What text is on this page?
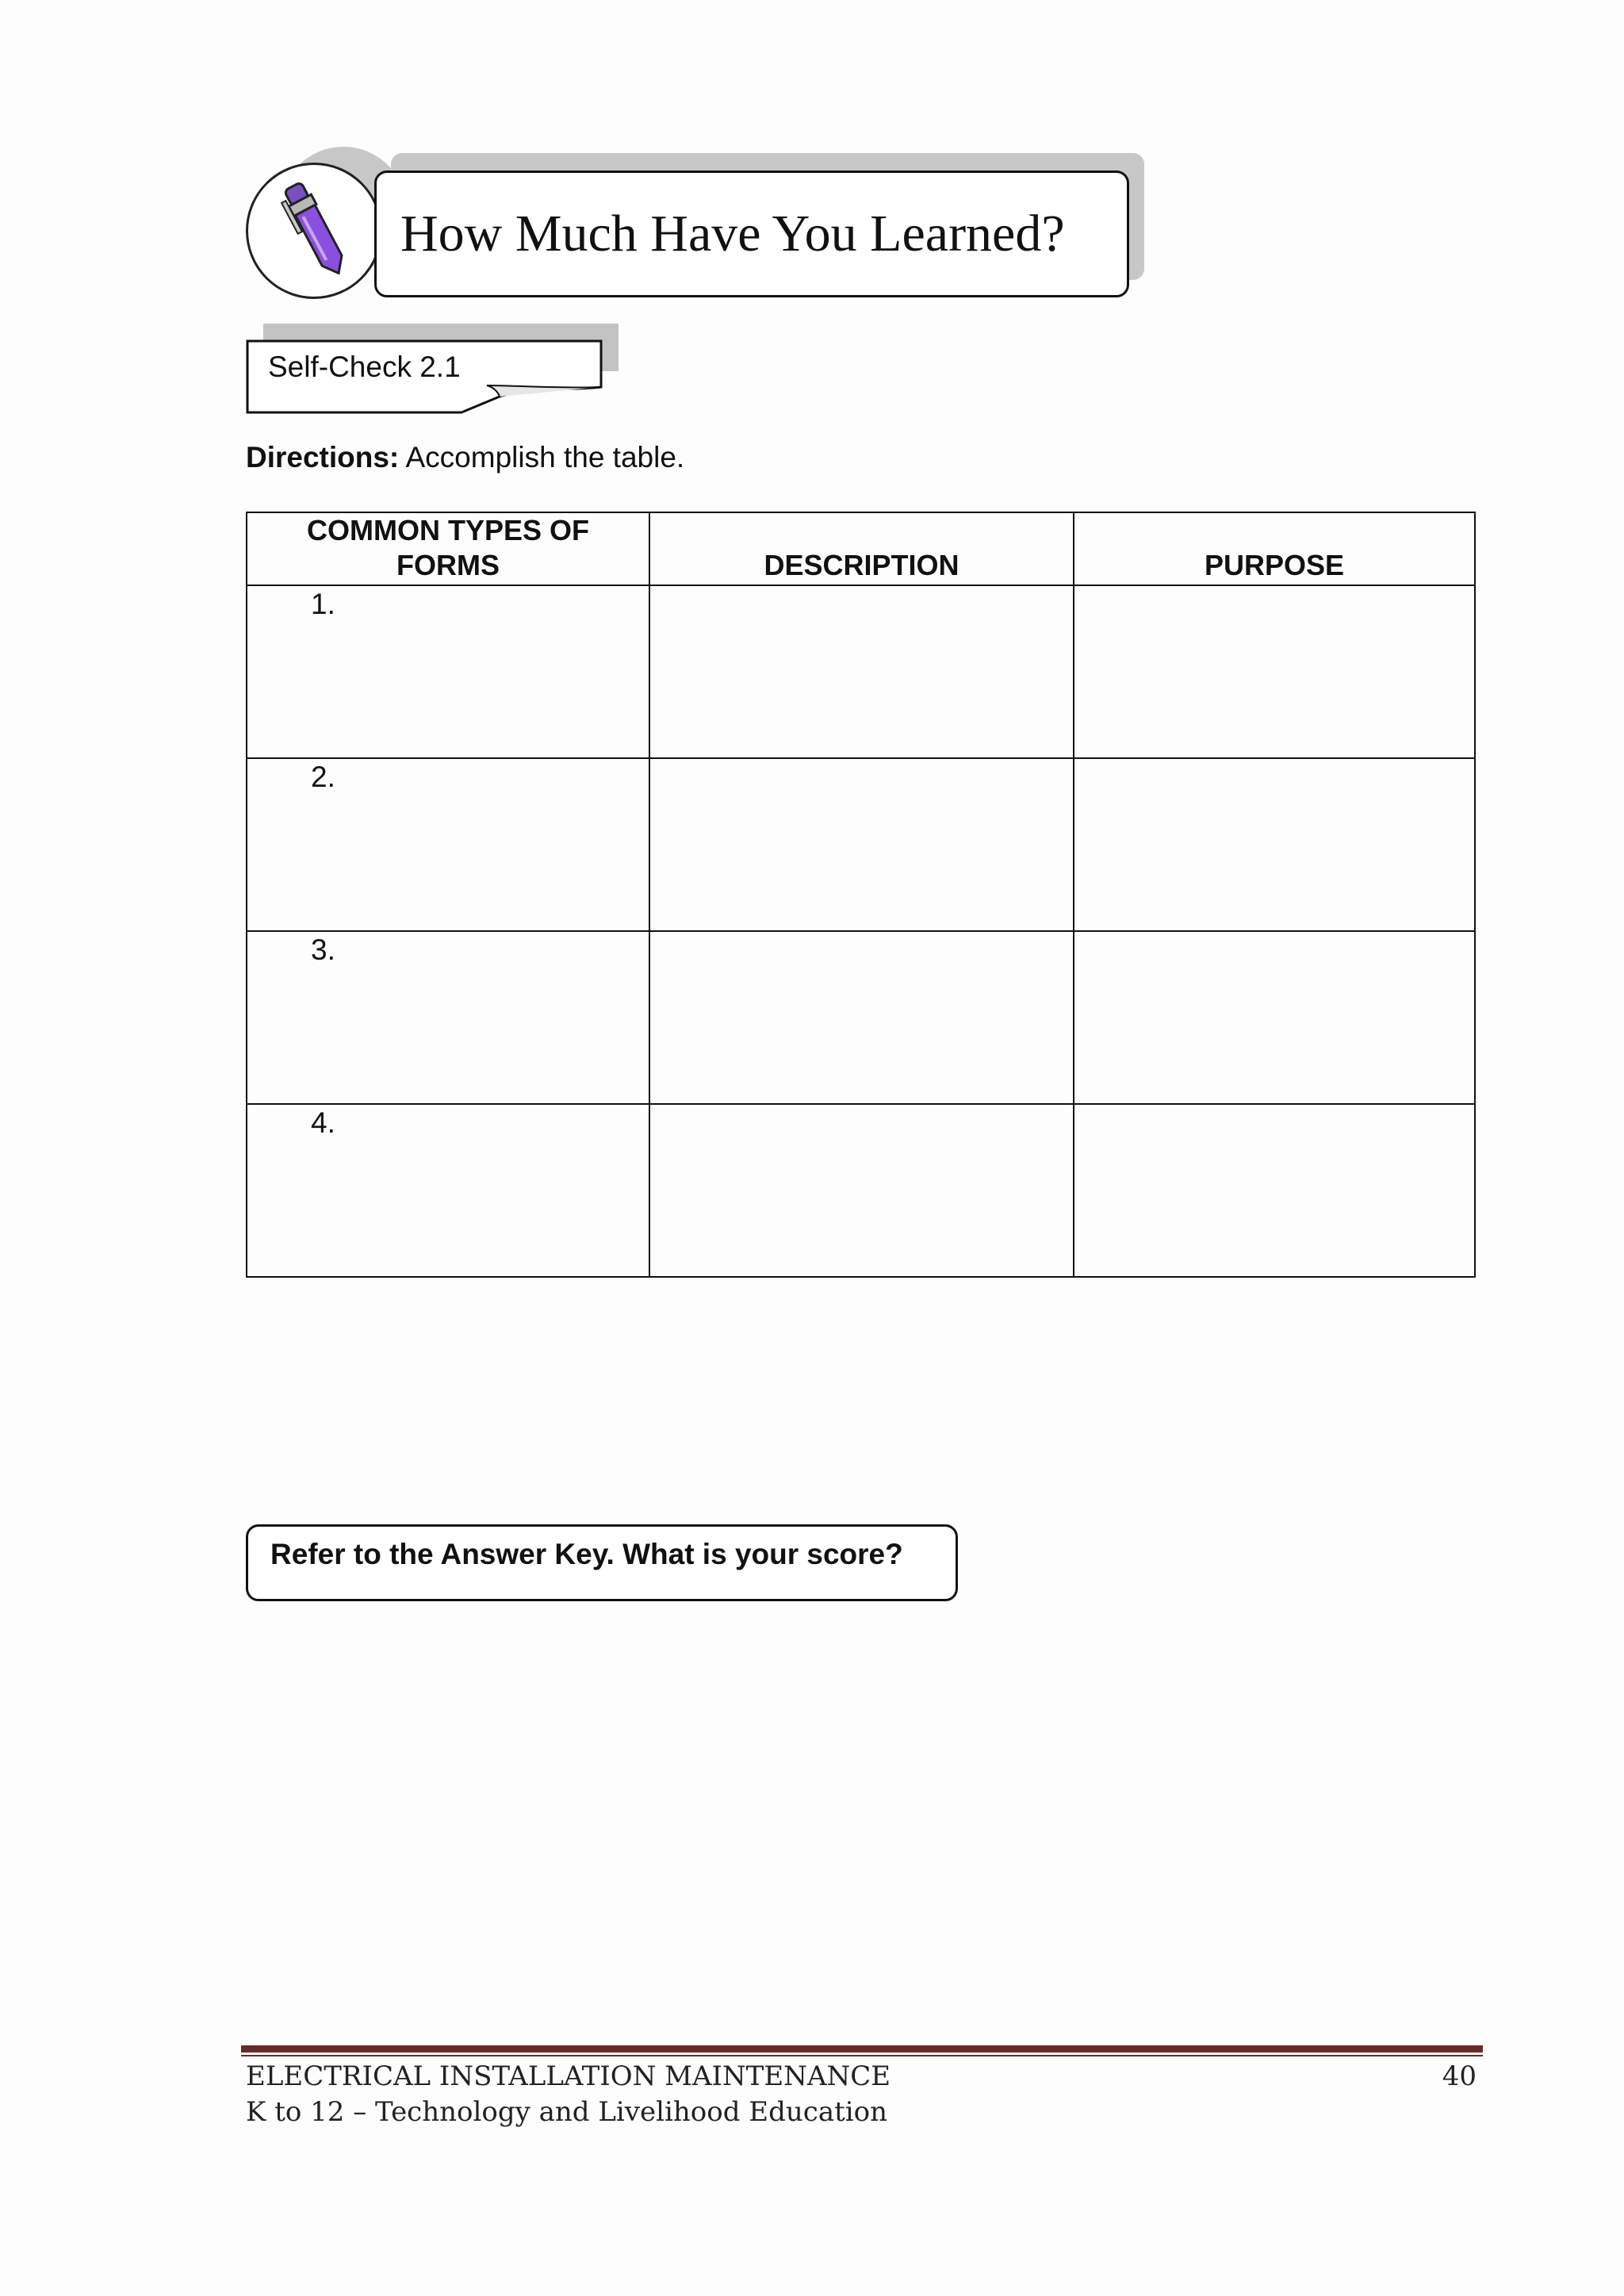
How Much Have You Learned?
Self-Check 2.1
Directions: Accomplish the table.
COMMON TYPES OF FORMS	DESCRIPTION	PURPOSE

1.		

2.		

3.		

4.		

Refer to the Answer Key. What is your score?
ELECTRICAL INSTALLATION MAINTENANCE
K to 12 – Technology and Livelihood Education
40
